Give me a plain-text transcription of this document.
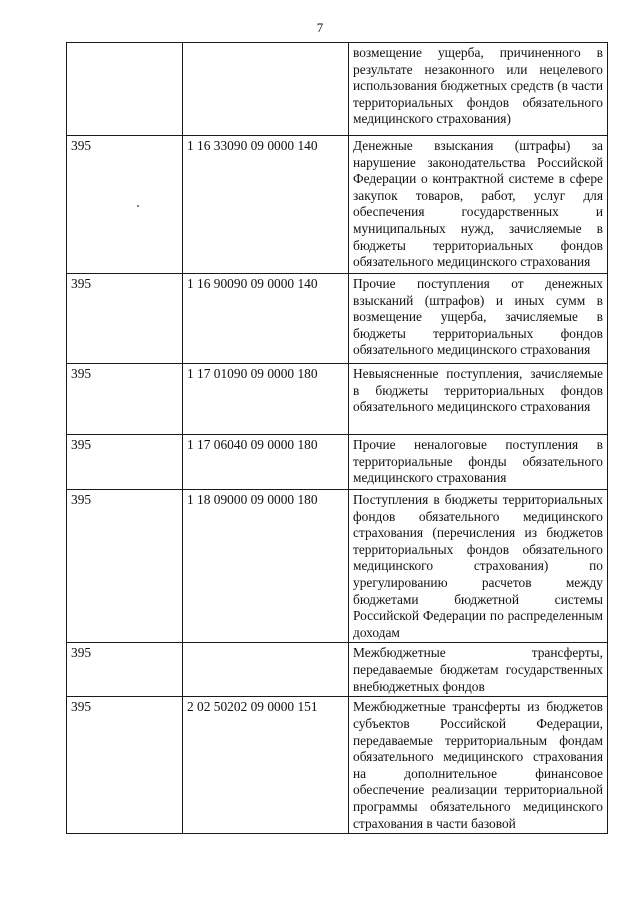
7
		возмещение ущерба, причиненного в результате незаконного или нецелевого использования бюджетных средств (в части территориальных фондов обязательного медицинского страхования)
395	1 16 33090 09 0000 140	Денежные взыскания (штрафы) за нарушение законодательства Российской Федерации о контрактной системе в сфере закупок товаров, работ, услуг для обеспечения государственных и муниципальных нужд, зачисляемые в бюджеты территориальных фондов обязательного медицинского страхования
395	1 16 90090 09 0000 140	Прочие поступления от денежных взысканий (штрафов) и иных сумм в возмещение ущерба, зачисляемые в бюджеты территориальных фондов обязательного медицинского страхования
395	1 17 01090 09 0000 180	Невыясненные поступления, зачисляемые в бюджеты территориальных фондов обязательного медицинского страхования
395	1 17 06040 09 0000 180	Прочие неналоговые поступления в территориальные фонды обязательного медицинского страхования
395	1 18 09000 09 0000 180	Поступления в бюджеты территориальных фондов обязательного медицинского страхования (перечисления из бюджетов территориальных фондов обязательного медицинского страхования) по урегулированию расчетов между бюджетами бюджетной системы Российской Федерации по распределенным доходам
395		Межбюджетные трансферты, передаваемые бюджетам государственных внебюджетных фондов
395	2 02 50202 09 0000 151	Межбюджетные трансферты из бюджетов субъектов Российской Федерации, передаваемые территориальным фондам обязательного медицинского страхования на дополнительное финансовое обеспечение реализации территориальной программы обязательного медицинского страхования в части базовой
